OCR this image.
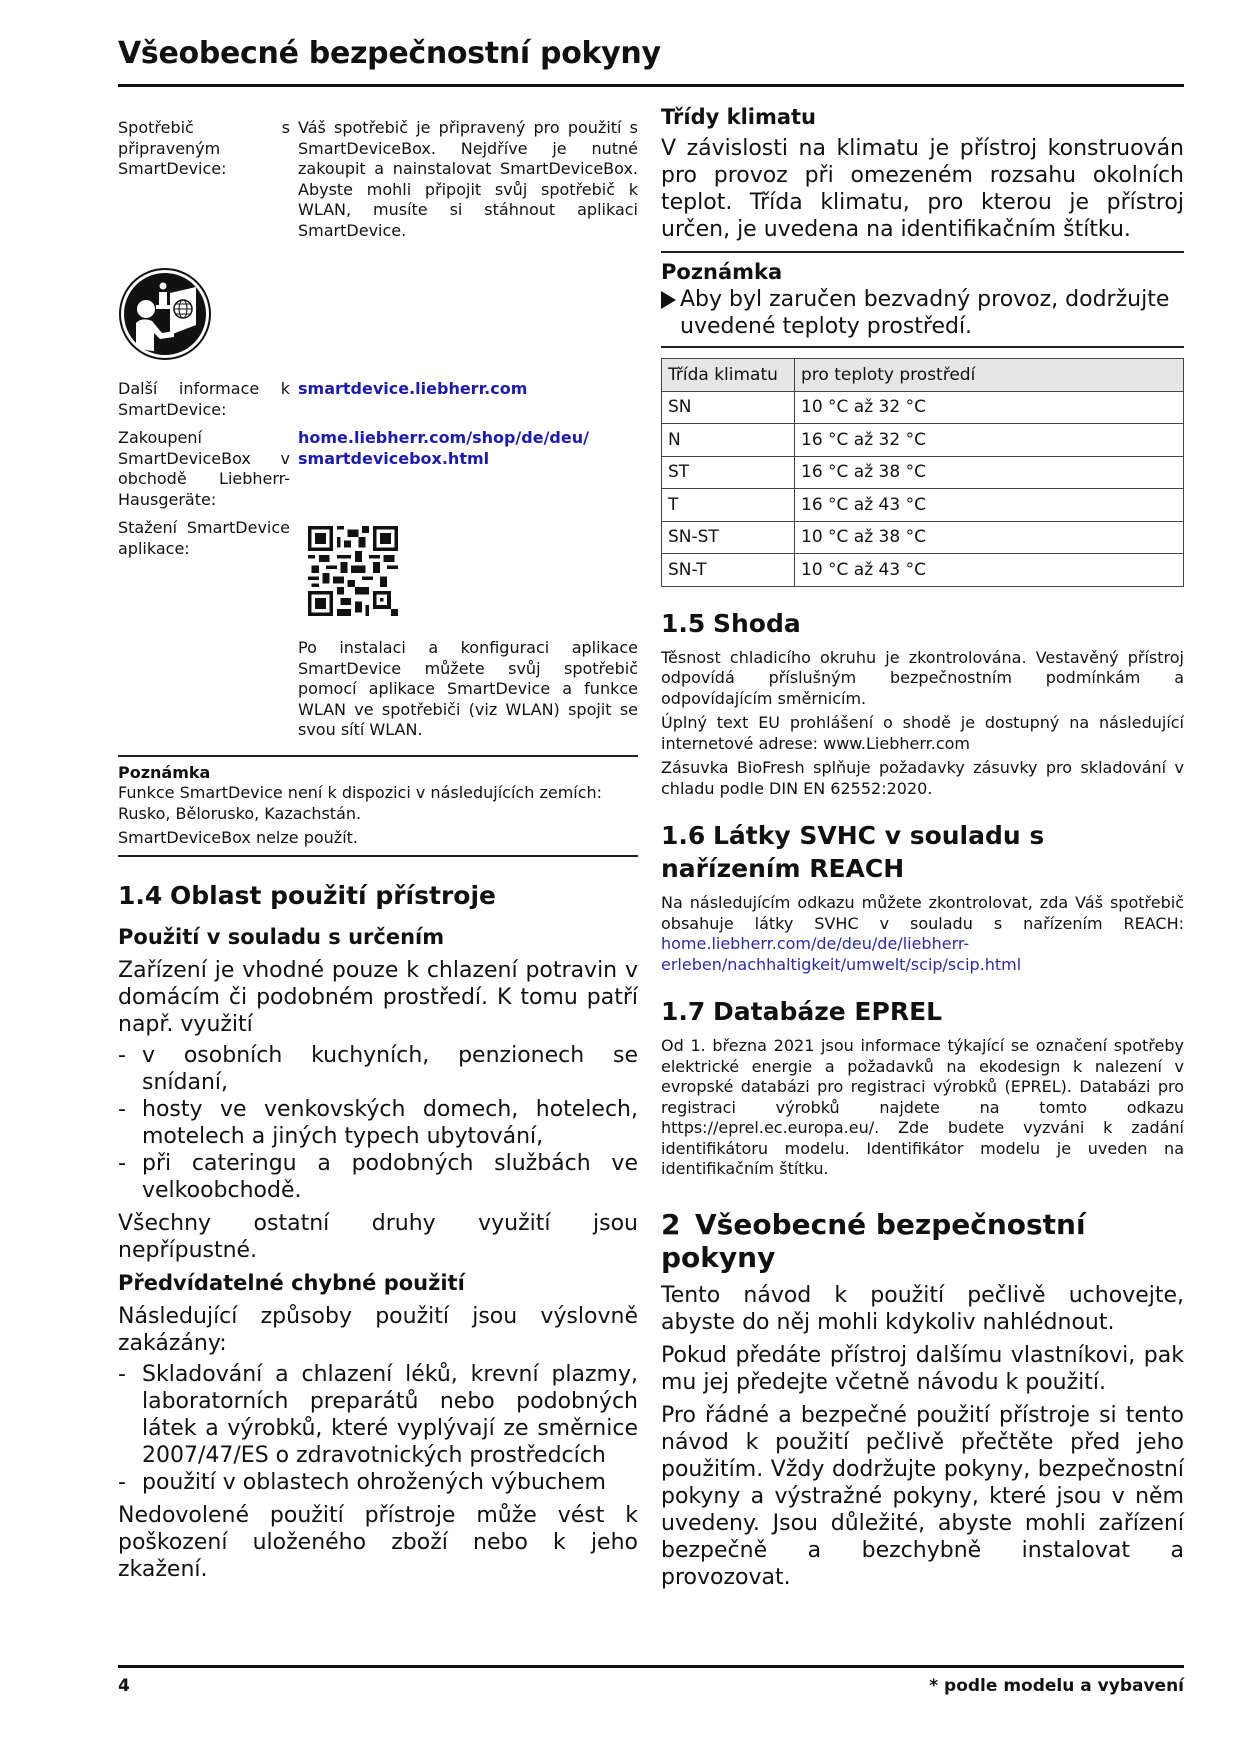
Všeobecné bezpečnostní pokyny
Spotřebič s připraveným SmartDevice:
Váš spotřebič je připravený pro použití s SmartDeviceBox. Nejdříve je nutné zakoupit a nainstalovat SmartDeviceBox. Abyste mohli připojit svůj spotřebič k WLAN, musíte si stáhnout aplikaci SmartDevice.
Další informace k SmartDevice:
smartdevice.liebherr.com
Zakoupení SmartDeviceBox v obchodě Liebherr-Hausgeräte:
home.liebherr.com/shop/de/deu/
smartdevicebox.html
Stažení SmartDevice aplikace:
Po instalaci a konfiguraci aplikace SmartDevice můžete svůj spotřebič pomocí aplikace SmartDevice a funkce WLAN ve spotřebiči (viz WLAN) spojit se svou sítí WLAN.
Poznámka

Funkce SmartDevice není k dispozici v následujících zemích: Rusko, Bělorusko, Kazachstán.

SmartDeviceBox nelze použít.

1.4 Oblast použití přístroje
Použití v souladu s určením

Zařízení je vhodné pouze k chlazení potravin v domácím či podobném prostředí. K tomu patří např. využití

- v osobních kuchyních, penzionech se snídaní,
- hosty ve venkovských domech, hotelech, motelech a jiných typech ubytování,
- při cateringu a podobných službách ve velkoobchodě.

Všechny ostatní druhy využití jsou nepřípustné.

Předvídatelné chybné použití

Následující způsoby použití jsou výslovně zakázány:

- Skladování a chlazení léků, krevní plazmy, laboratorních preparátů nebo podobných látek a výrobků, které vyplývají ze směrnice 2007/47/ES o zdravotnických prostředcích
- použití v oblastech ohrožených výbuchem

Nedovolené použití přístroje může vést k poškození uloženého zboží nebo k jeho zkažení.

Třídy klimatu

V závislosti na klimatu je přístroj konstruován pro provoz při omezeném rozsahu okolních teplot. Třída klimatu, pro kterou je přístroj určen, je uvedena na identifikačním štítku.

Poznámka
Aby byl zaručen bezvadný provoz, dodržujte uvedené teploty prostředí.
Třída klimatu	pro teploty prostředí
SN	10 °C až 32 °C
N	16 °C až 32 °C
ST	16 °C až 38 °C
T	16 °C až 43 °C
SN-ST	10 °C až 38 °C
SN-T	10 °C až 43 °C
1.5 Shoda

Těsnost chladicího okruhu je zkontrolována. Vestavěný přístroj odpovídá příslušným bezpečnostním podmínkám a odpovídajícím směrnicím.

Úplný text EU prohlášení o shodě je dostupný na následující internetové adrese: www.Liebherr.com

Zásuvka BioFresh splňuje požadavky zásuvky pro skladování v chladu podle DIN EN 62552:2020.

1.6 Látky SVHC v souladu s nařízením REACH

Na následujícím odkazu můžete zkontrolovat, zda Váš spotřebič obsahuje látky SVHC v souladu s nařízením REACH: home.liebherr.com/de/deu/de/liebherr-erleben/nachhaltigkeit/umwelt/scip/scip.html

1.7 Databáze EPREL

Od 1. března 2021 jsou informace týkající se označení spotřeby elektrické energie a požadavků na ekodesign k nalezení v evropské databázi pro registraci výrobků (EPREL). Databázi pro registraci výrobků najdete na tomto odkazu https://eprel.ec.europa.eu/. Zde budete vyzváni k zadání identifikátoru modelu. Identifikátor modelu je uveden na identifikačním štítku.

2 Všeobecné bezpečnostní pokyny

Tento návod k použití pečlivě uchovejte, abyste do něj mohli kdykoliv nahlédnout.

Pokud předáte přístroj dalšímu vlastníkovi, pak mu jej předejte včetně návodu k použití.

Pro řádné a bezpečné použití přístroje si tento návod k použití pečlivě přečtěte před jeho použitím. Vždy dodržujte pokyny, bezpečnostní pokyny a výstražné pokyny, které jsou v něm uvedeny. Jsou důležité, abyste mohli zařízení bezpečně a bezchybně instalovat a provozovat.

4	* podle modelu a vybavení
